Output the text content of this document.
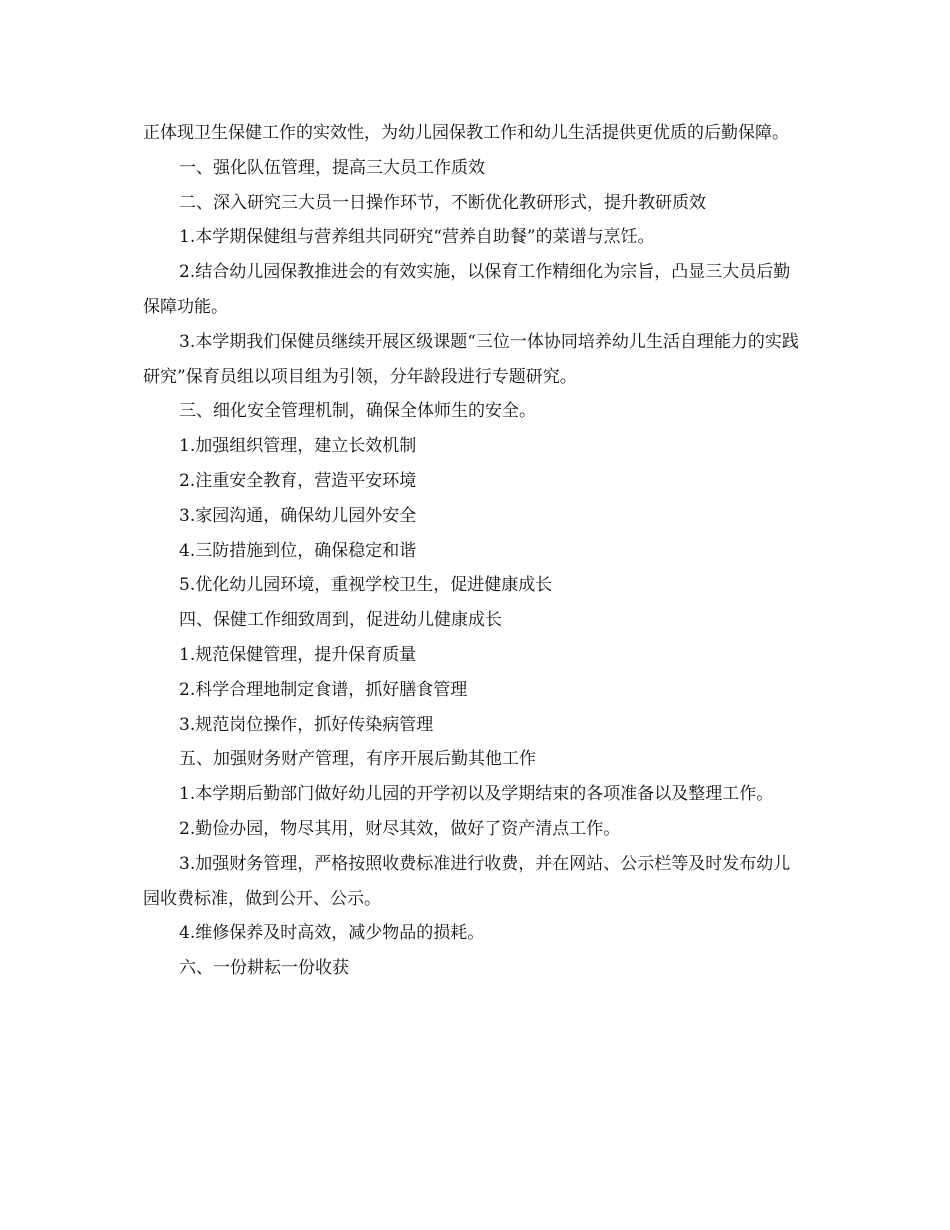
正体现卫生保健工作的实效性，为幼儿园保教工作和幼儿生活提供更优质的后勤保障。

一、强化队伍管理，提高三大员工作质效

二、深入研究三大员一日操作环节，不断优化教研形式，提升教研质效

1.本学期保健组与营养组共同研究“营养自助餐”的菜谱与烹饪。

2.结合幼儿园保教推进会的有效实施，以保育工作精细化为宗旨，凸显三大员后勤保障功能。

3.本学期我们保健员继续开展区级课题“三位一体协同培养幼儿生活自理能力的实践研究”保育员组以项目组为引领，分年龄段进行专题研究。

三、细化安全管理机制，确保全体师生的安全。

1.加强组织管理，建立长效机制

2.注重安全教育，营造平安环境

3.家园沟通，确保幼儿园外安全

4.三防措施到位，确保稳定和谐

5.优化幼儿园环境，重视学校卫生，促进健康成长

四、保健工作细致周到，促进幼儿健康成长

1.规范保健管理，提升保育质量

2.科学合理地制定食谱，抓好膳食管理

3.规范岗位操作，抓好传染病管理

五、加强财务财产管理，有序开展后勤其他工作

1.本学期后勤部门做好幼儿园的开学初以及学期结束的各项准备以及整理工作。

2.勤俭办园，物尽其用，财尽其效，做好了资产清点工作。

3.加强财务管理，严格按照收费标准进行收费，并在网站、公示栏等及时发布幼儿园收费标准，做到公开、公示。

4.维修保养及时高效，减少物品的损耗。

六、一份耕耘一份收获
